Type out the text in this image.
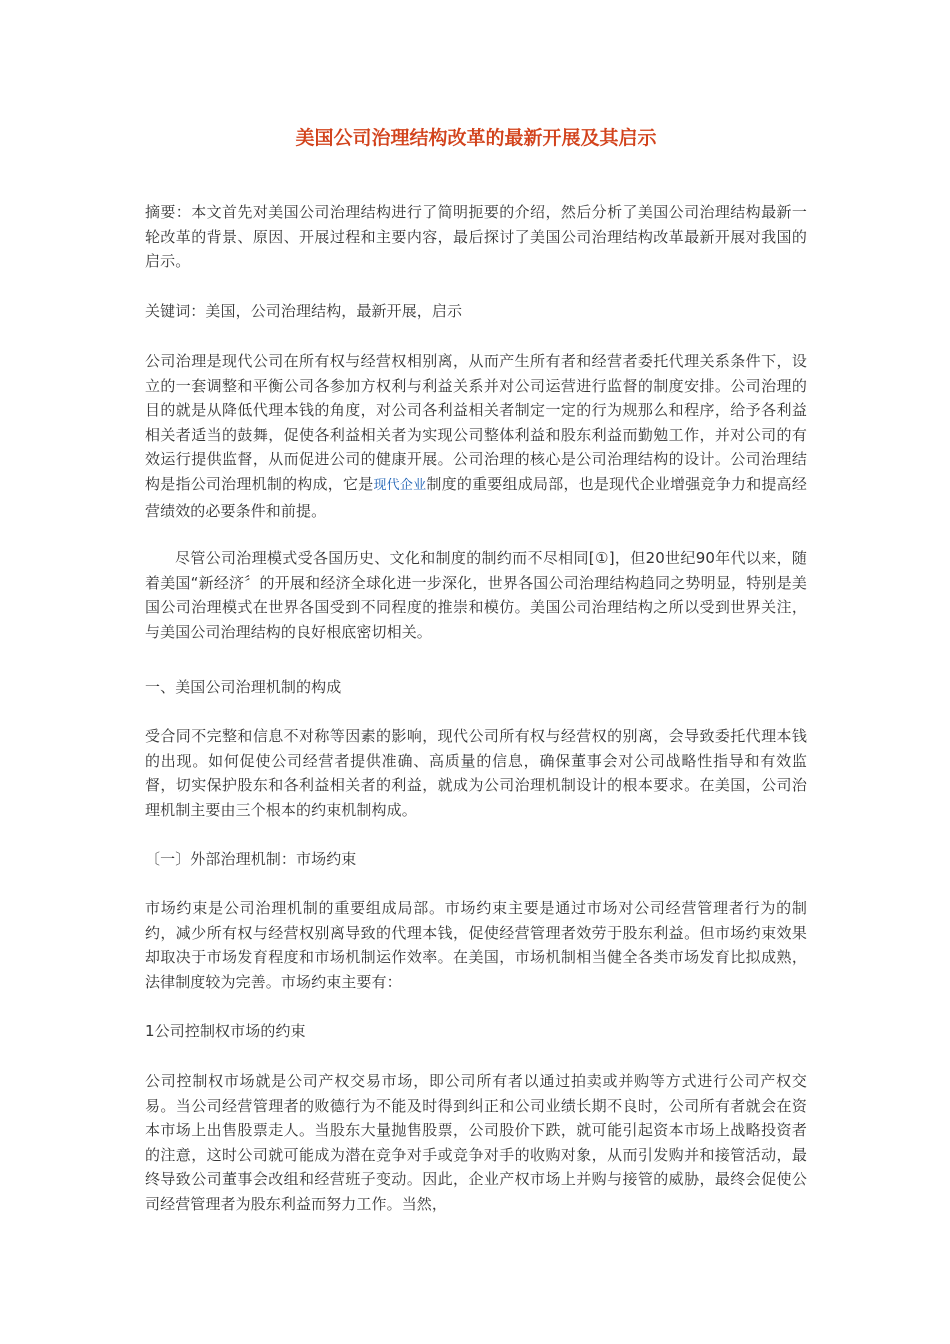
美国公司治理结构改革的最新开展及其启示

摘要：本文首先对美国公司治理结构进行了简明扼要的介绍，然后分析了美国公司治理结构最新一轮改革的背景、原因、开展过程和主要内容，最后探讨了美国公司治理结构改革最新开展对我国的启示。

关键词：美国，公司治理结构，最新开展，启示

公司治理是现代公司在所有权与经营权相别离，从而产生所有者和经营者委托代理关系条件下，设立的一套调整和平衡公司各参加方权利与利益关系并对公司运营进行监督的制度安排。公司治理的目的就是从降低代理本钱的角度，对公司各利益相关者制定一定的行为规那么和程序，给予各利益相关者适当的鼓舞，促使各利益相关者为实现公司整体利益和股东利益而勤勉工作，并对公司的有效运行提供监督，从而促进公司的健康开展。公司治理的核心是公司治理结构的设计。公司治理结构是指公司治理机制的构成，它是现代企业制度的重要组成局部，也是现代企业增强竞争力和提高经营绩效的必要条件和前提。

尽管公司治理模式受各国历史、文化和制度的制约而不尽相同[①]，但20世纪90年代以来，随着美国“新经济〞的开展和经济全球化进一步深化，世界各国公司治理结构趋同之势明显，特别是美国公司治理模式在世界各国受到不同程度的推崇和模仿。美国公司治理结构之所以受到世界关注，与美国公司治理结构的良好根底密切相关。

一、美国公司治理机制的构成

受合同不完整和信息不对称等因素的影响，现代公司所有权与经营权的别离，会导致委托代理本钱的出现。如何促使公司经营者提供准确、高质量的信息，确保董事会对公司战略性指导和有效监督，切实保护股东和各利益相关者的利益，就成为公司治理机制设计的根本要求。在美国，公司治理机制主要由三个根本的约束机制构成。

〔一〕外部治理机制：市场约束

市场约束是公司治理机制的重要组成局部。市场约束主要是通过市场对公司经营管理者行为的制约，减少所有权与经营权别离导致的代理本钱，促使经营管理者效劳于股东利益。但市场约束效果却取决于市场发育程度和市场机制运作效率。在美国，市场机制相当健全各类市场发育比拟成熟，法律制度较为完善。市场约束主要有：

1公司控制权市场的约束

公司控制权市场就是公司产权交易市场，即公司所有者以通过拍卖或并购等方式进行公司产权交易。当公司经营管理者的败德行为不能及时得到纠正和公司业绩长期不良时，公司所有者就会在资本市场上出售股票走人。当股东大量抛售股票，公司股价下跌，就可能引起资本市场上战略投资者的注意，这时公司就可能成为潜在竞争对手或竞争对手的收购对象，从而引发购并和接管活动，最终导致公司董事会改组和经营班子变动。因此，企业产权市场上并购与接管的威胁，最终会促使公司经营管理者为股东利益而努力工作。当然，
